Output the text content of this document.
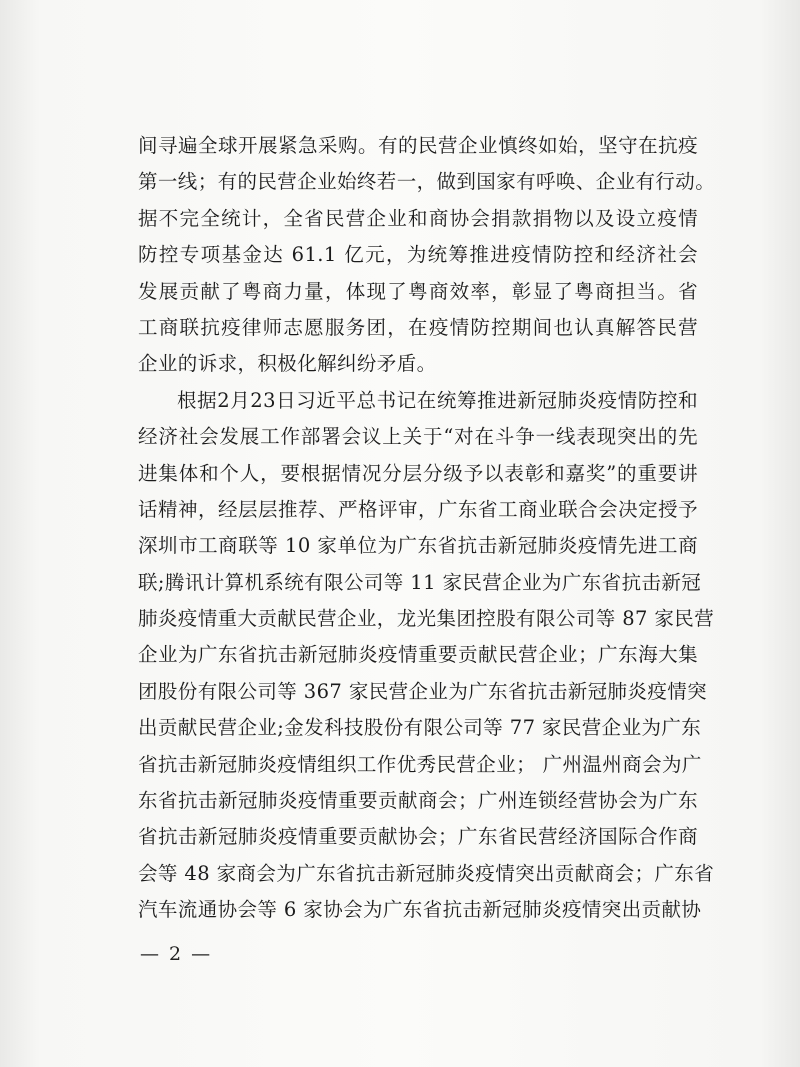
间寻遍全球开展紧急采购。有的民营企业慎终如始，坚守在抗疫
第一线；有的民营企业始终若一，做到国家有呼唤、企业有行动。
据不完全统计，全省民营企业和商协会捐款捐物以及设立疫情
防控专项基金达 61.1 亿元，为统筹推进疫情防控和经济社会
发展贡献了粤商力量，体现了粤商效率，彰显了粤商担当。省
工商联抗疫律师志愿服务团，在疫情防控期间也认真解答民营
企业的诉求，积极化解纠纷矛盾。
根据2月23日习近平总书记在统筹推进新冠肺炎疫情防控和
经济社会发展工作部署会议上关于“对在斗争一线表现突出的先
进集体和个人，要根据情况分层分级予以表彰和嘉奖”的重要讲
话精神，经层层推荐、严格评审，广东省工商业联合会决定授予
深圳市工商联等 10 家单位为广东省抗击新冠肺炎疫情先进工商
联;腾讯计算机系统有限公司等 11 家民营企业为广东省抗击新冠
肺炎疫情重大贡献民营企业，龙光集团控股有限公司等 87 家民营
企业为广东省抗击新冠肺炎疫情重要贡献民营企业；广东海大集
团股份有限公司等 367 家民营企业为广东省抗击新冠肺炎疫情突
出贡献民营企业;金发科技股份有限公司等 77 家民营企业为广东
省抗击新冠肺炎疫情组织工作优秀民营企业； 广州温州商会为广
东省抗击新冠肺炎疫情重要贡献商会；广州连锁经营协会为广东
省抗击新冠肺炎疫情重要贡献协会；广东省民营经济国际合作商
会等 48 家商会为广东省抗击新冠肺炎疫情突出贡献商会；广东省
汽车流通协会等 6 家协会为广东省抗击新冠肺炎疫情突出贡献协
— 2 —
